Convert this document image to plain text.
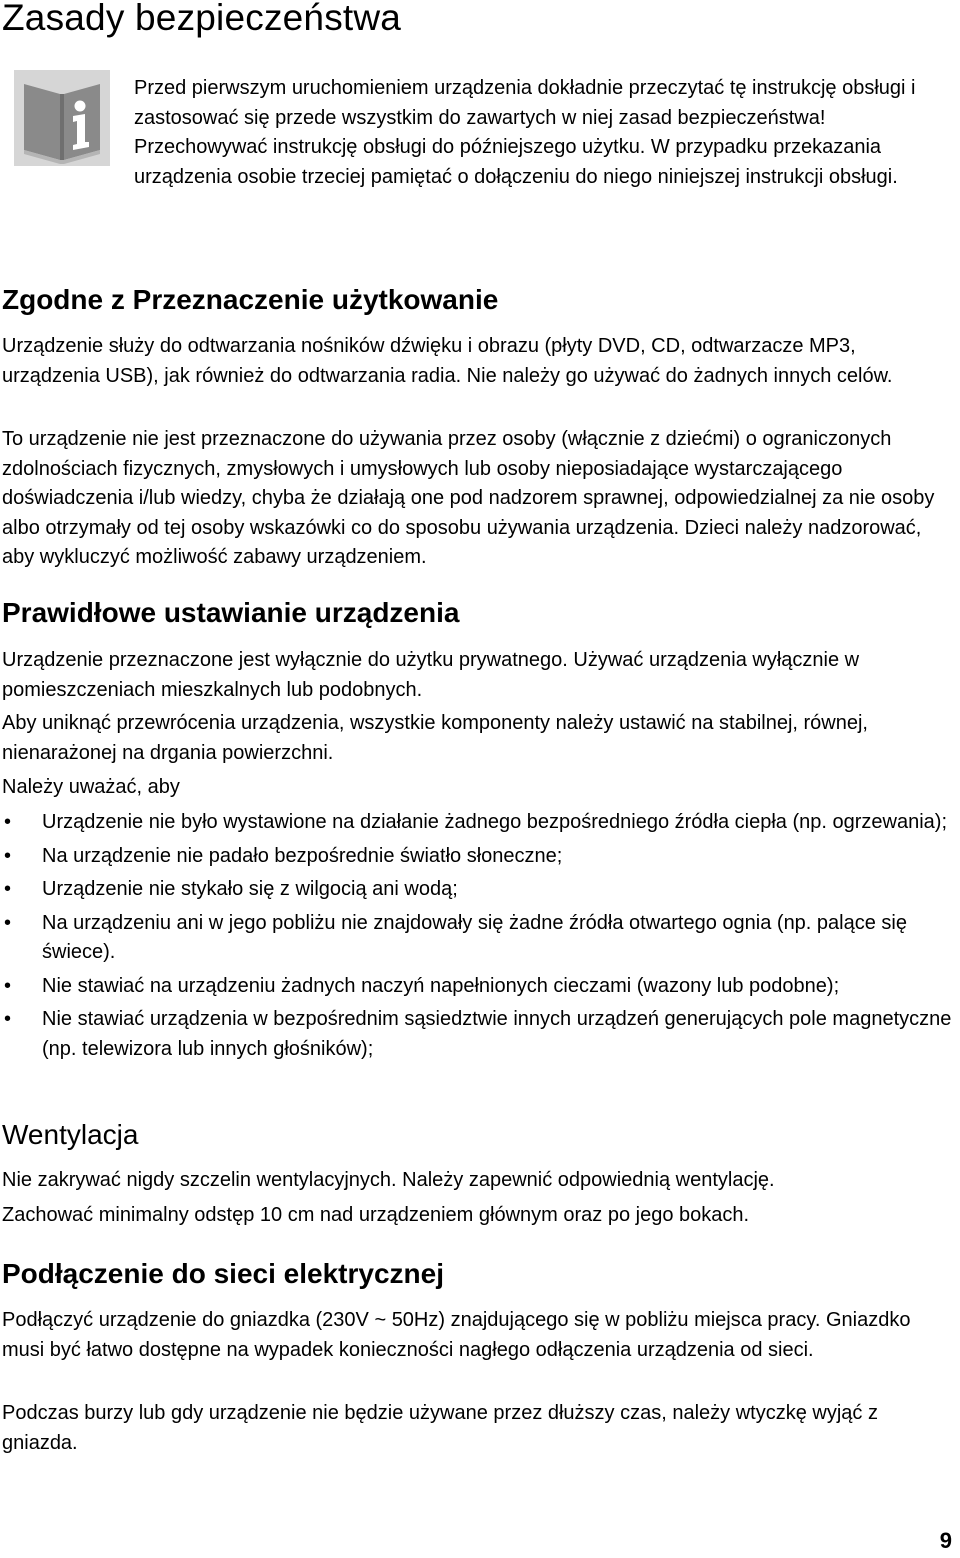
Zasady bezpieczeństwa

Przed pierwszym uruchomieniem urządzenia dokładnie przeczytać tę instrukcję obsługi i zastosować się przede wszystkim do zawartych w niej zasad bezpieczeństwa!

Przechowywać instrukcję obsługi do późniejszego użytku. W przypadku przekazania urządzenia osobie trzeciej pamiętać o dołączeniu do niego niniejszej instrukcji obsługi.

Zgodne z Przeznaczenie użytkowanie

Urządzenie służy do odtwarzania nośników dźwięku i obrazu (płyty DVD, CD, odtwarzacze MP3, urządzenia USB), jak również do odtwarzania radia. Nie należy go używać do żadnych innych celów.

To urządzenie nie jest przeznaczone do używania przez osoby (włącznie z dziećmi) o ograniczonych zdolnościach fizycznych, zmysłowych i umysłowych lub osoby nieposiadające wystarczającego doświadczenia i/lub wiedzy, chyba że działają one pod nadzorem sprawnej, odpowiedzialnej za nie osoby albo otrzymały od tej osoby wskazówki co do sposobu używania urządzenia. Dzieci należy nadzorować, aby wykluczyć możliwość zabawy urządzeniem.

Prawidłowe ustawianie urządzenia

Urządzenie przeznaczone jest wyłącznie do użytku prywatnego. Używać urządzenia wyłącznie w pomieszczeniach mieszkalnych lub podobnych.

Aby uniknąć przewrócenia urządzenia, wszystkie komponenty należy ustawić na stabilnej, równej, nienarażonej na drgania powierzchni.

Należy uważać, aby

• Urządzenie nie było wystawione na działanie żadnego bezpośredniego źródła ciepła (np. ogrzewania);
• Na urządzenie nie padało bezpośrednie światło słoneczne;
• Urządzenie nie stykało się z wilgocią ani wodą;
• Na urządzeniu ani w jego pobliżu nie znajdowały się żadne źródła otwartego ognia (np. palące się świece).
• Nie stawiać na urządzeniu żadnych naczyń napełnionych cieczami (wazony lub podobne);
• Nie stawiać urządzenia w bezpośrednim sąsiedztwie innych urządzeń generujących pole magnetyczne (np. telewizora lub innych głośników);
Wentylacja

Nie zakrywać nigdy szczelin wentylacyjnych. Należy zapewnić odpowiednią wentylację.

Zachować minimalny odstęp 10 cm nad urządzeniem głównym oraz po jego bokach.

Podłączenie do sieci elektrycznej

Podłączyć urządzenie do gniazdka (230V ~ 50Hz) znajdującego się w pobliżu miejsca pracy. Gniazdko musi być łatwo dostępne na wypadek konieczności nagłego odłączenia urządzenia od sieci.

Podczas burzy lub gdy urządzenie nie będzie używane przez dłuższy czas, należy wtyczkę wyjąć z gniazda.

9
